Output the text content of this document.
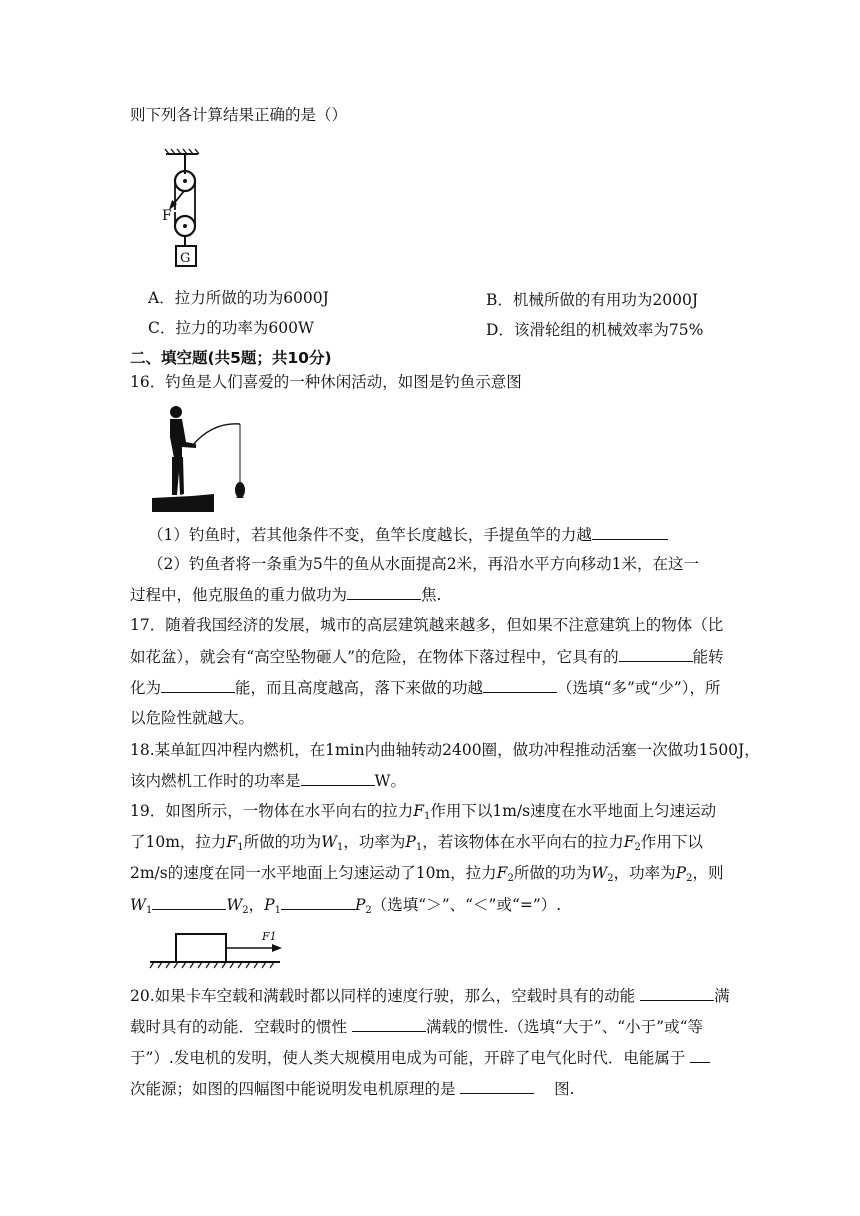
则下列各计算结果正确的是（）
F
G
A．拉力所做的功为6000J	B．机械所做的有用功为2000J
C．拉力的功率为600W	D．该滑轮组的机械效率为75%
二、填空题(共5题；共10分)
16．钓鱼是人们喜爱的一种休闲活动，如图是钓鱼示意图
（1）钓鱼时，若其他条件不变，鱼竿长度越长，手提鱼竿的力越
（2）钓鱼者将一条重为5牛的鱼从水面提高2米，再沿水平方向移动1米，在这一
过程中，他克服鱼的重力做功为	焦.
17．随着我国经济的发展，城市的高层建筑越来越多，但如果不注意建筑上的物体（比
如花盆），就会有“高空坠物砸人”的危险，在物体下落过程中，它具有的	能转
化为	能，而且高度越高，落下来做的功越	（选填“多”或“少”），所
以危险性就越大。
18.某单缸四冲程内燃机，在1min内曲轴转动2400圈，做功冲程推动活塞一次做功1500J，
该内燃机工作时的功率是	W。
19．如图所示，一物体在水平向右的拉力$F_1$作用下以1m/s速度在水平地面上匀速运动
了10m，拉力$F_1$所做的功为$W_1$，功率为$P_1$，若该物体在水平向右的拉力$F_2$作用下以
2m/s的速度在同一水平地面上匀速运动了10m，拉力$F_2$所做的功为$W_2$，功率为$P_2$，则
$W_1$	$W_2$，$P_1$	$P_2$（选填“＞”、“＜”或“=”）.
F1
20.如果卡车空载和满载时都以同样的速度行驶，那么，空载时具有的动能	满
载时具有的动能．空载时的惯性	满载的惯性.（选填“大于”、“小于”或“等
于”）.发电机的发明，使人类大规模用电成为可能，开辟了电气化时代．电能属于
次能源；如图的四幅图中能说明发电机原理的是	图.
